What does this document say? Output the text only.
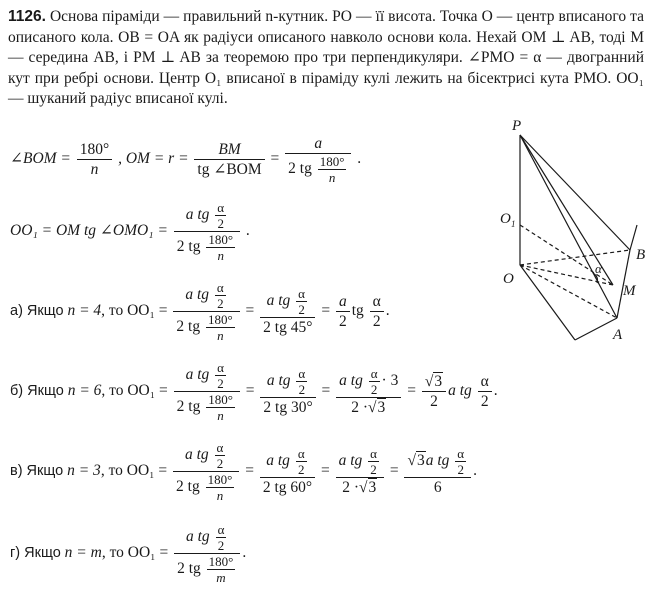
1126. Основа піраміди — правильний n-кутник. PO — її висота. Точка O — центр вписаного та описаного кола. OB = OA як радіуси описаного навколо основи кола. Нехай OM ⊥ AB, тоді M — середина AB, і PM ⊥ AB за теоремою про три перпендикуляри. ∠PMO = α — двогранний кут при ребрі основи. Центр O₁ вписаної в піраміду кулі лежить на бісектрисі кута PMO. OO₁ — шуканий радіус вписаної кулі.
∠BOM = $\frac{180^\circ}{n}$ , OM = $r = \frac{BM}{\text{tg ∠BOM}} = \frac{a}{2 tg \frac{180^\circ}{n}}$ .
OO₁ = OM tg ∠OMO₁ = $\frac{a tg \frac{\alpha}{2}}{2 tg \frac{180^\circ}{n}}$ .
а) Якщо n = 4, то $OO_1 = \frac{a tg \frac{\alpha}{2}}{2 tg \frac{180^\circ}{n}} = \frac{a tg \frac{\alpha}{2}}{2 tg 45^\circ} = \frac{a}{2}$ tg $\frac{\alpha}{2}$ .
б) Якщо n = 6, то $OO_1 = \frac{a tg \frac{\alpha}{2}}{2 tg \frac{180^\circ}{n}} = \frac{a tg \frac{\alpha}{2}}{2 tg 30^\circ} = \frac{a tg \frac{\alpha}{2} \cdot 3}{2 \cdot√3} = \frac{√3}{2}$ a tg $\frac{\alpha}{2}$ .
в) Якщо n = 3, то $OO_1 = \frac{a tg \frac{\alpha}{2}}{2 tg \frac{180^\circ}{n}} = \frac{a tg \frac{\alpha}{2}}{2 tg 60^\circ} = \frac{a tg \frac{\alpha}{2}}{2 \cdot√3} = \frac{√3a tg \frac{\alpha}{2}}{6}$ .
г) Якщо n = m, то $OO_1 = \frac{a tg \frac{\alpha}{2}}{2 tg \frac{180^\circ}{m}}$ .
P
O 1
O
B
M
A
α
